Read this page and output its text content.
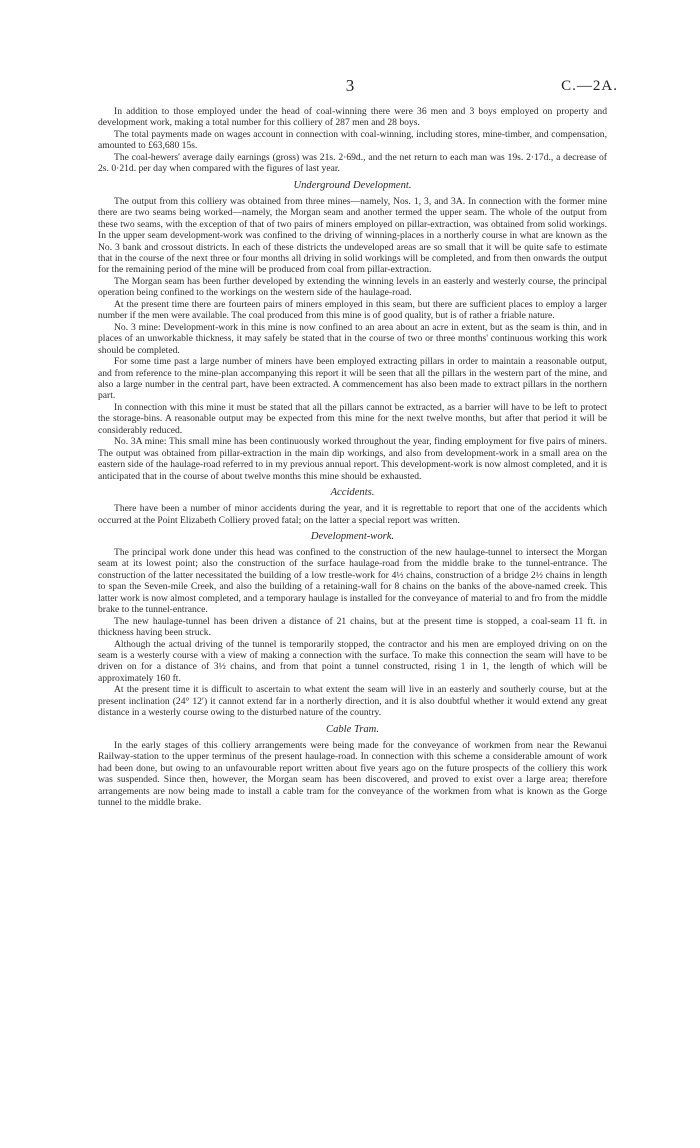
3	C.—2A.

In addition to those employed under the head of coal-winning there were 36 men and 3 boys employed on property and development work, making a total number for this colliery of 287 men and 28 boys.

The total payments made on wages account in connection with coal-winning, including stores, mine-timber, and compensation, amounted to £63,680 15s.

The coal-hewers' average daily earnings (gross) was 21s. 2·69d., and the net return to each man was 19s. 2·17d., a decrease of 2s. 0·21d. per day when compared with the figures of last year.

Underground Development.

The output from this colliery was obtained from three mines—namely, Nos. 1, 3, and 3A. In connection with the former mine there are two seams being worked—namely, the Morgan seam and another termed the upper seam. The whole of the output from these two seams, with the exception of that of two pairs of miners employed on pillar-extraction, was obtained from solid workings. In the upper seam development-work was confined to the driving of winning-places in a northerly course in what are known as the No. 3 bank and crossout districts. In each of these districts the undeveloped areas are so small that it will be quite safe to estimate that in the course of the next three or four months all driving in solid workings will be completed, and from then onwards the output for the remaining period of the mine will be produced from coal from pillar-extraction.

The Morgan seam has been further developed by extending the winning levels in an easterly and westerly course, the principal operation being confined to the workings on the western side of the haulage-road.

At the present time there are fourteen pairs of miners employed in this seam, but there are sufficient places to employ a larger number if the men were available. The coal produced from this mine is of good quality, but is of rather a friable nature.

No. 3 mine: Development-work in this mine is now confined to an area about an acre in extent, but as the seam is thin, and in places of an unworkable thickness, it may safely be stated that in the course of two or three months' continuous working this work should be completed.

For some time past a large number of miners have been employed extracting pillars in order to maintain a reasonable output, and from reference to the mine-plan accompanying this report it will be seen that all the pillars in the western part of the mine, and also a large number in the central part, have been extracted. A commencement has also been made to extract pillars in the northern part.

In connection with this mine it must be stated that all the pillars cannot be extracted, as a barrier will have to be left to protect the storage-bins. A reasonable output may be expected from this mine for the next twelve months, but after that period it will be considerably reduced.

No. 3A mine: This small mine has been continuously worked throughout the year, finding employment for five pairs of miners. The output was obtained from pillar-extraction in the main dip workings, and also from development-work in a small area on the eastern side of the haulage-road referred to in my previous annual report. This development-work is now almost completed, and it is anticipated that in the course of about twelve months this mine should be exhausted.

Accidents.

There have been a number of minor accidents during the year, and it is regrettable to report that one of the accidents which occurred at the Point Elizabeth Colliery proved fatal; on the latter a special report was written.

Development-work.

The principal work done under this head was confined to the construction of the new haulage-tunnel to intersect the Morgan seam at its lowest point; also the construction of the surface haulage-road from the middle brake to the tunnel-entrance. The construction of the latter necessitated the building of a low trestle-work for 4½ chains, construction of a bridge 2½ chains in length to span the Seven-mile Creek, and also the building of a retaining-wall for 8 chains on the banks of the above-named creek. This latter work is now almost completed, and a temporary haulage is installed for the conveyance of material to and fro from the middle brake to the tunnel-entrance.

The new haulage-tunnel has been driven a distance of 21 chains, but at the present time is stopped, a coal-seam 11 ft. in thickness having been struck.

Although the actual driving of the tunnel is temporarily stopped, the contractor and his men are employed driving on on the seam is a westerly course with a view of making a connection with the surface. To make this connection the seam will have to be driven on for a distance of 3½ chains, and from that point a tunnel constructed, rising 1 in 1, the length of which will be approximately 160 ft.

At the present time it is difficult to ascertain to what extent the seam will live in an easterly and southerly course, but at the present inclination (24° 12′) it cannot extend far in a northerly direction, and it is also doubtful whether it would extend any great distance in a westerly course owing to the disturbed nature of the country.

Cable Tram.

In the early stages of this colliery arrangements were being made for the conveyance of workmen from near the Rewanui Railway-station to the upper terminus of the present haulage-road. In connection with this scheme a considerable amount of work had been done, but owing to an unfavourable report written about five years ago on the future prospects of the colliery this work was suspended. Since then, however, the Morgan seam has been discovered, and proved to exist over a large area; therefore arrangements are now being made to install a cable tram for the conveyance of the workmen from what is known as the Gorge tunnel to the middle brake.
